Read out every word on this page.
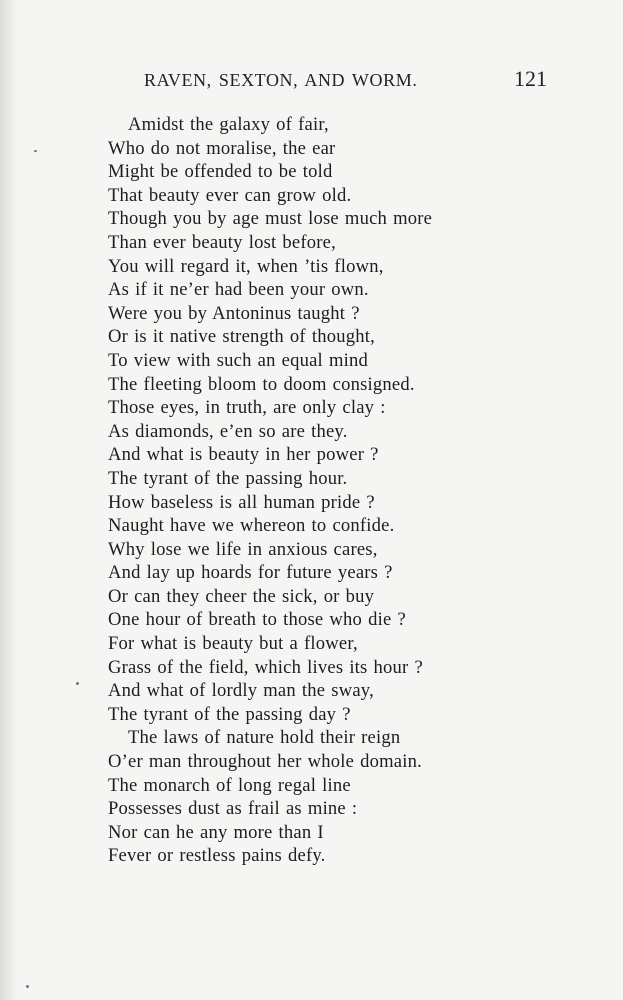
RAVEN, SEXTON, AND WORM.	121
Amidst the galaxy of fair,
Who do not moralise, the ear
Might be offended to be told
That beauty ever can grow old.
Though you by age must lose much more
Than ever beauty lost before,
You will regard it, when ’tis flown,
As if it ne’er had been your own.
Were you by Antoninus taught ?
Or is it native strength of thought,
To view with such an equal mind
The fleeting bloom to doom consigned.
Those eyes, in truth, are only clay :
As diamonds, e’en so are they.
And what is beauty in her power ?
The tyrant of the passing hour.
How baseless is all human pride ?
Naught have we whereon to confide.
Why lose we life in anxious cares,
And lay up hoards for future years ?
Or can they cheer the sick, or buy
One hour of breath to those who die ?
For what is beauty but a flower,
Grass of the field, which lives its hour ?
And what of lordly man the sway,
The tyrant of the passing day ?
The laws of nature hold their reign
O’er man throughout her whole domain.
The monarch of long regal line
Possesses dust as frail as mine :
Nor can he any more than I
Fever or restless pains defy.
